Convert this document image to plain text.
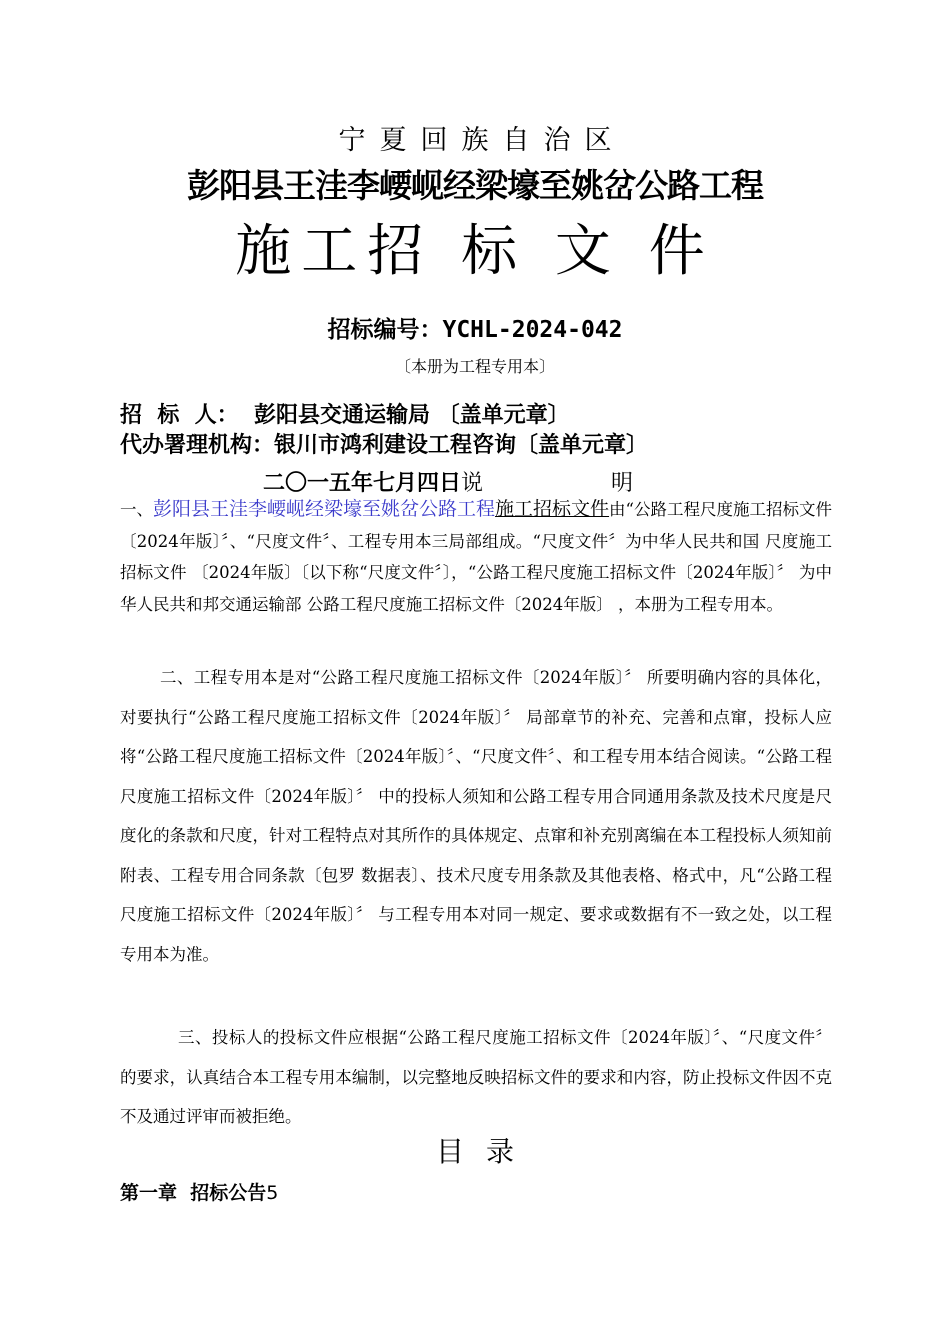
宁夏回族自治区
彭阳县王洼李崾岘经梁壕至姚岔公路工程
施工招 标 文 件
招标编号：YCHL-2024-042
〔本册为工程专用本〕
招  标  人：  彭阳县交通运输局 〔盖单元章〕
代办署理机构：银川市鸿利建设工程咨询〔盖单元章〕
二〇一五年七月四日说	明
一、彭阳县王洼李崾岘经梁壕至姚岔公路工程施工招标文件由“公路工程尺度施工招标文件〔2024年版〕〞、“尺度文件〞、工程专用本三局部组成。“尺度文件〞为中华人民共和国 尺度施工招标文件 〔2024年版〕〔以下称“尺度文件〞〕，“公路工程尺度施工招标文件〔2024年版〕〞 为中华人民共和邦交通运输部 公路工程尺度施工招标文件〔2024年版〕 ，本册为工程专用本。
二、工程专用本是对“公路工程尺度施工招标文件〔2024年版〕〞 所要明确内容的具体化，对要执行“公路工程尺度施工招标文件〔2024年版〕〞 局部章节的补充、完善和点窜，投标人应将“公路工程尺度施工招标文件〔2024年版〕〞、“尺度文件〞、和工程专用本结合阅读。“公路工程尺度施工招标文件〔2024年版〕〞 中的投标人须知和公路工程专用合同通用条款及技术尺度是尺度化的条款和尺度，针对工程特点对其所作的具体规定、点窜和补充别离编在本工程投标人须知前附表、工程专用合同条款〔包罗 数据表〕、技术尺度专用条款及其他表格、格式中，凡“公路工程尺度施工招标文件〔2024年版〕〞 与工程专用本对同一规定、要求或数据有不一致之处，以工程专用本为准。
三、投标人的投标文件应根据“公路工程尺度施工招标文件〔2024年版〕〞、“尺度文件〞 的要求，认真结合本工程专用本编制，以完整地反映招标文件的要求和内容，防止投标文件因不克不及通过评审而被拒绝。
目录
第一章  招标公告5
